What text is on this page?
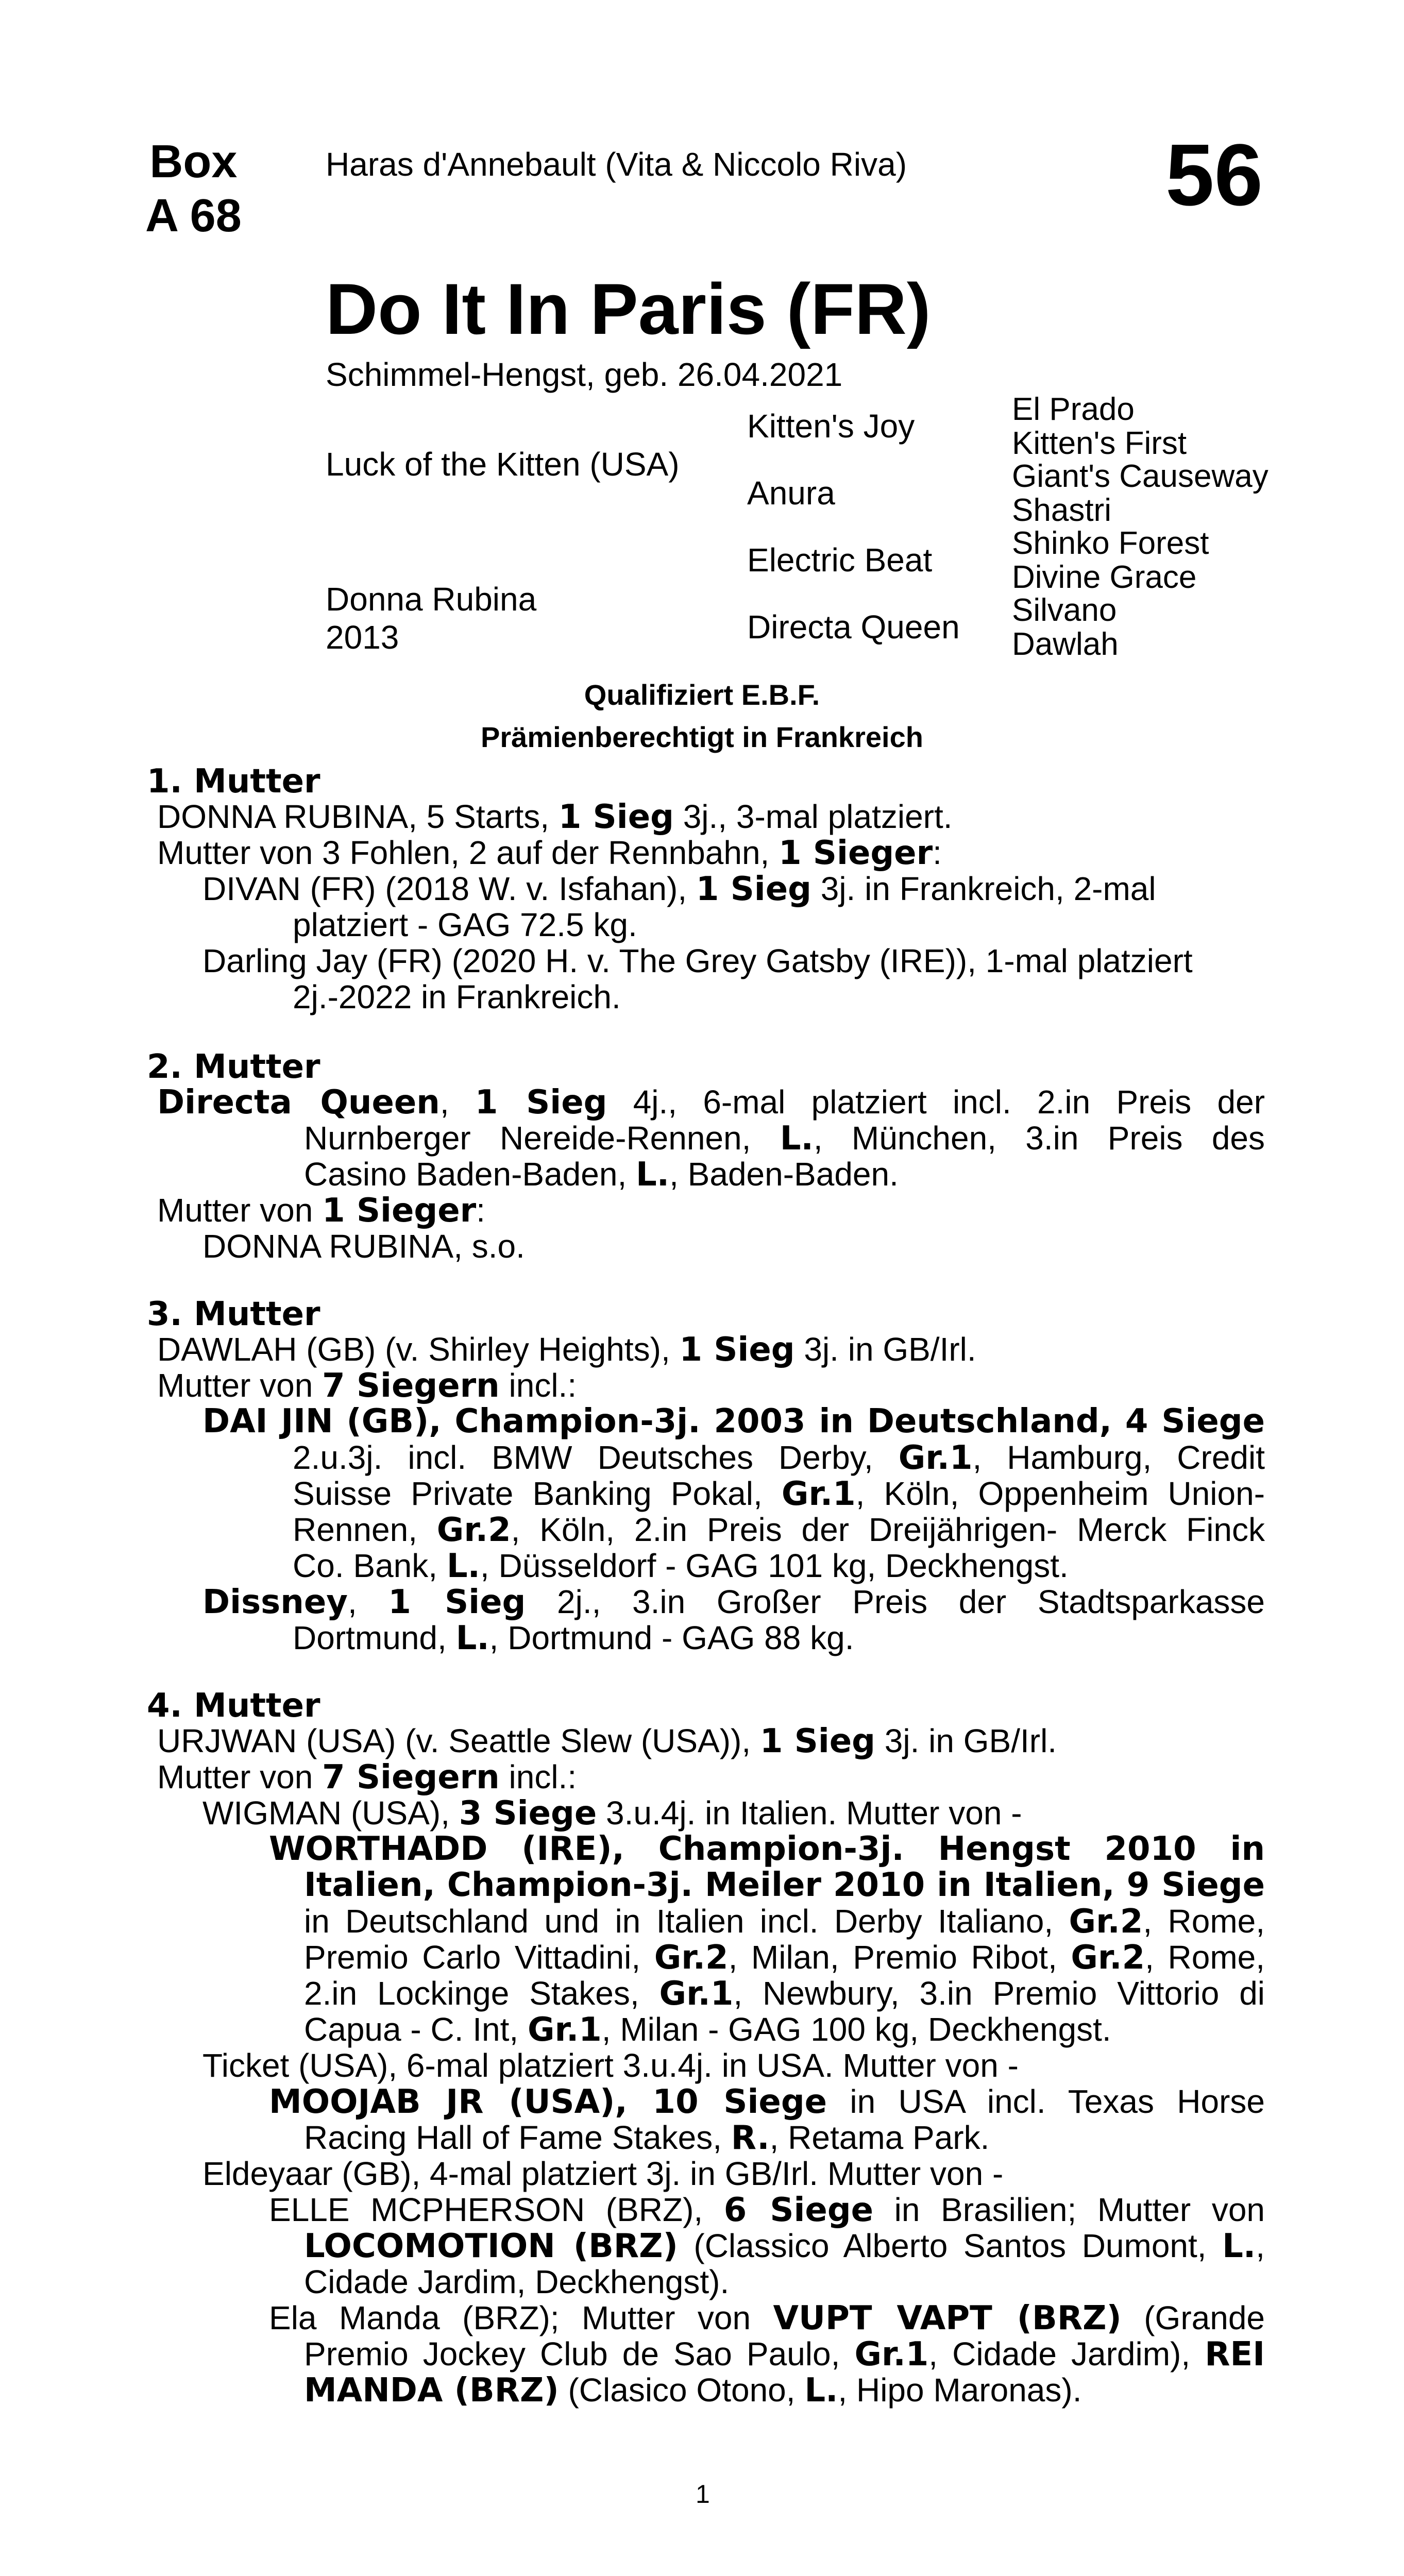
Box
A 68
Haras d'Annebault (Vita & Niccolo Riva)	56
Do It In Paris (FR)
Schimmel-Hengst, geb. 26.04.2021
Luck of the Kitten (USA)
Donna Rubina
2013
Kitten's Joy
Anura
Electric Beat
Directa Queen
El Prado
Kitten's First
Giant's Causeway
Shastri
Shinko Forest
Divine Grace
Silvano
Dawlah
Qualifiziert E.B.F.
Prämienberechtigt in Frankreich
1. Mutter
DONNA RUBINA, 5 Starts, 1 Sieg 3j., 3-mal platziert.
Mutter von 3 Fohlen, 2 auf der Rennbahn, 1 Sieger:
DIVAN (FR) (2018 W. v. Isfahan), 1 Sieg 3j. in Frankreich, 2-mal
platziert - GAG 72.5 kg.
Darling Jay (FR) (2020 H. v. The Grey Gatsby (IRE)), 1-mal platziert
2j.-2022 in Frankreich.
2. Mutter
Directa Queen, 1 Sieg 4j., 6-mal platziert incl. 2.in Preis der
Nurnberger Nereide-Rennen, L., München, 3.in Preis des
Casino Baden-Baden, L., Baden-Baden.
Mutter von 1 Sieger:
DONNA RUBINA, s.o.
3. Mutter
DAWLAH (GB) (v. Shirley Heights), 1 Sieg 3j. in GB/Irl.
Mutter von 7 Siegern incl.:
DAI JIN (GB), Champion-3j. 2003 in Deutschland, 4 Siege
2.u.3j. incl. BMW Deutsches Derby, Gr.1, Hamburg, Credit
Suisse Private Banking Pokal, Gr.1, Köln, Oppenheim Union-
Rennen, Gr.2, Köln, 2.in Preis der Dreijährigen- Merck Finck
Co. Bank, L., Düsseldorf - GAG 101 kg, Deckhengst.
Dissney, 1 Sieg 2j., 3.in Großer Preis der Stadtsparkasse
Dortmund, L., Dortmund - GAG 88 kg.
4. Mutter
URJWAN (USA) (v. Seattle Slew (USA)), 1 Sieg 3j. in GB/Irl.
Mutter von 7 Siegern incl.:
WIGMAN (USA), 3 Siege 3.u.4j. in Italien. Mutter von -
WORTHADD (IRE), Champion-3j. Hengst 2010 in
Italien, Champion-3j. Meiler 2010 in Italien, 9 Siege
in Deutschland und in Italien incl. Derby Italiano, Gr.2, Rome,
Premio Carlo Vittadini, Gr.2, Milan, Premio Ribot, Gr.2, Rome,
2.in Lockinge Stakes, Gr.1, Newbury, 3.in Premio Vittorio di
Capua - C. Int, Gr.1, Milan - GAG 100 kg, Deckhengst.
Ticket (USA), 6-mal platziert 3.u.4j. in USA. Mutter von -
MOOJAB JR (USA), 10 Siege in USA incl. Texas Horse
Racing Hall of Fame Stakes, R., Retama Park.
Eldeyaar (GB), 4-mal platziert 3j. in GB/Irl. Mutter von -
ELLE MCPHERSON (BRZ), 6 Siege in Brasilien; Mutter von
LOCOMOTION (BRZ) (Classico Alberto Santos Dumont, L.,
Cidade Jardim, Deckhengst).
Ela Manda (BRZ); Mutter von VUPT VAPT (BRZ) (Grande
Premio Jockey Club de Sao Paulo, Gr.1, Cidade Jardim), REI
MANDA (BRZ) (Clasico Otono, L., Hipo Maronas).
1
